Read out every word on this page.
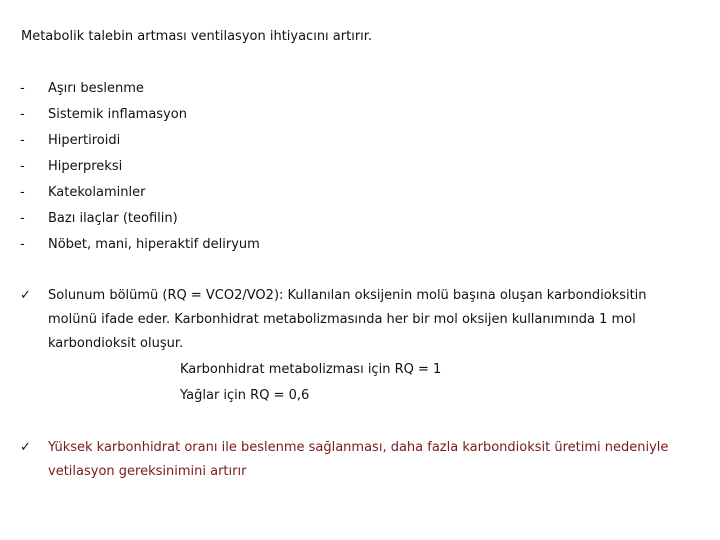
Metabolik talebin artması ventilasyon ihtiyacını artırır.
- Aşırı beslenme
- Sistemik inflamasyon
- Hipertiroidi
- Hiperpreksi
- Katekolaminler
- Bazı ilaçlar (teofilin)
- Nöbet, mani, hiperaktif deliryum
✓ Solunum bölümü (RQ = VCO2/VO2): Kullanılan oksijenin molü başına oluşan karbondioksitin molünü ifade eder. Karbonhidrat metabolizmasında her bir mol oksijen kullanımında 1 mol karbondioksit oluşur.
Karbonhidrat metabolizması için RQ = 1
Yağlar için RQ = 0,6
✓ Yüksek karbonhidrat oranı ile beslenme sağlanması, daha fazla karbondioksit üretimi nedeniyle vetilasyon gereksinimini artırır
